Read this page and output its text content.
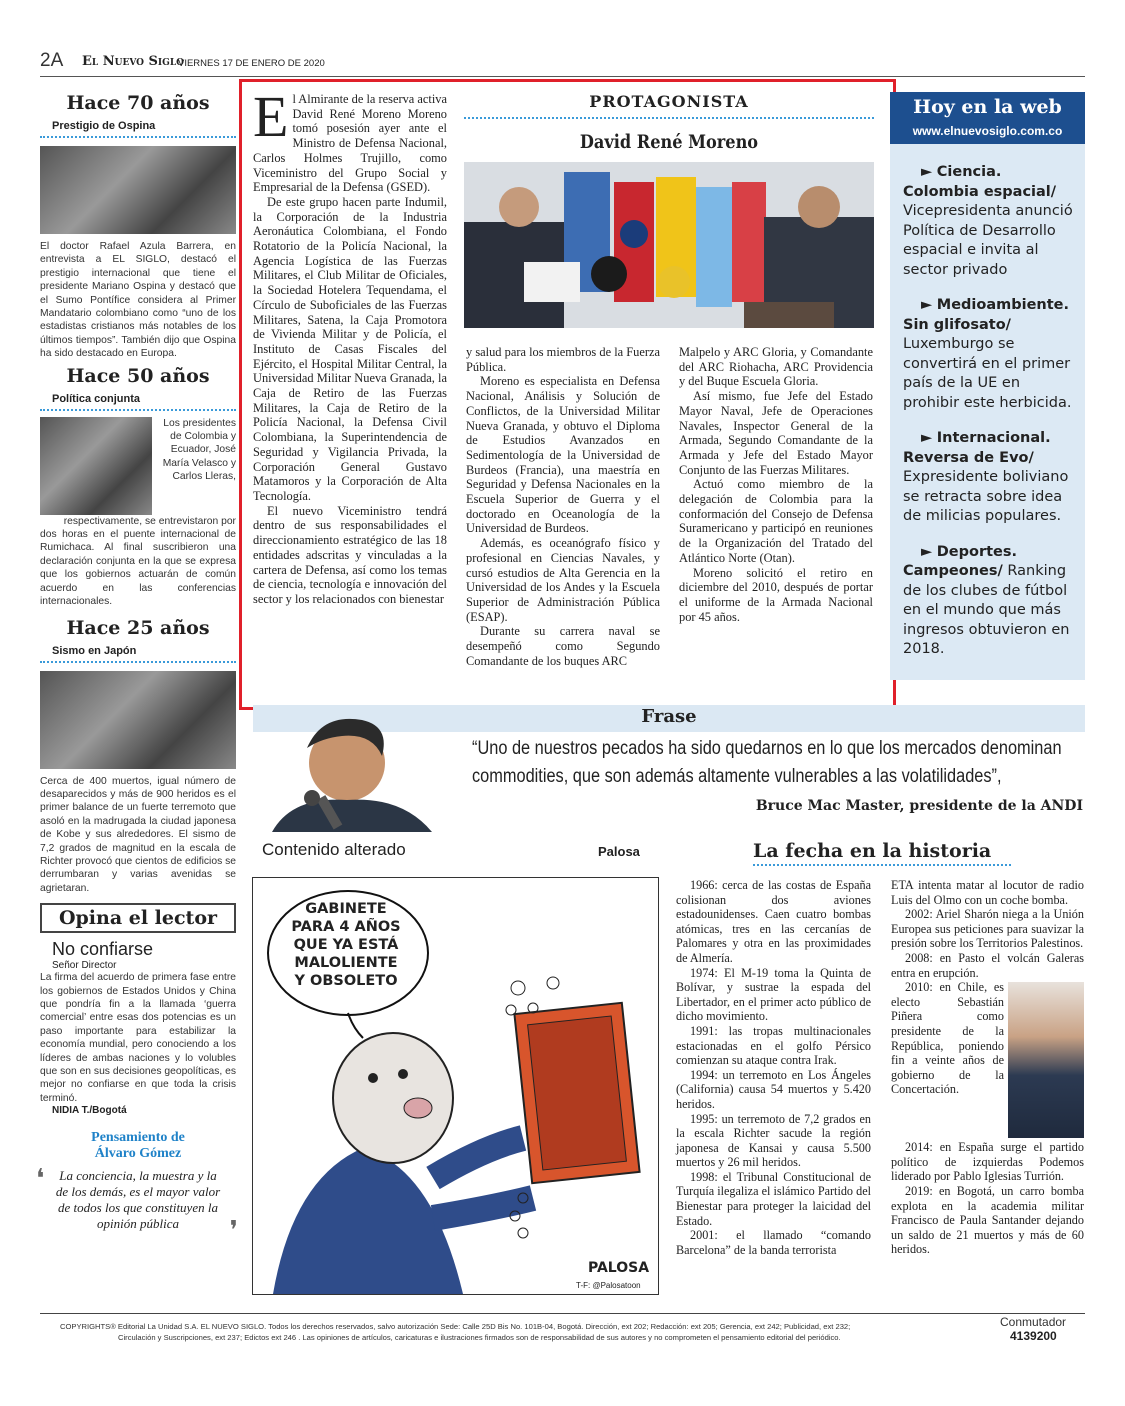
2A El Nuevo Siglo
VIERNES 17 DE ENERO DE 2020
Hace 70 años
Prestigio de Ospina
El doctor Rafael Azula Barrera, en entrevista a EL SIGLO, destacó el prestigio internacional que tiene el presidente Mariano Ospina y destacó que el Sumo Pontífice considera al Primer Mandatario colombiano como “uno de los estadistas cristianos más notables de los últimos tiempos”. También dijo que Ospina ha sido destacado en Europa.
Hace 50 años
Política conjunta
Los presidentes de Colombia y Ecuador, José María Velasco y Carlos Lleras, respectivamente, se entrevistaron por
dos horas en el puente internacional de Rumichaca. Al final suscribieron una declaración conjunta en la que se expresa que los gobiernos actuarán de común acuerdo en las conferencias internacionales.
Hace 25 años
Sismo en Japón
Cerca de 400 muertos, igual número de desaparecidos y más de 900 heridos es el primer balance de un fuerte terremoto que asoló en la madrugada la ciudad japonesa de Kobe y sus alrededores. El sismo de 7,2 grados de magnitud en la escala de Richter provocó que cientos de edificios se derrumbaran y varias avenidas se agrietaran.
Opina el lector
No confiarse
Señor Director
La firma del acuerdo de primera fase entre los gobiernos de Estados Unidos y China que pondría fin a la llamada ‘guerra comercial’ entre esas dos potencias es un paso importante para estabilizar la economía mundial, pero conociendo a los líderes de ambas naciones y lo volubles que son en sus decisiones geopolíticas, es mejor no confiarse en que toda la crisis terminó.
NIDIA T./Bogotá
Pensamiento de
Álvaro Gómez
❛	La conciencia, la muestra y la de los demás, es el mayor valor de todos los que constituyen la opinión pública	❜
E l Almirante de la reserva activa David René Moreno Moreno tomó posesión ayer ante el Ministro de Defensa Nacional, Carlos Holmes Trujillo, como Viceministro del Grupo Social y Empresarial de la Defensa (GSED).

De este grupo hacen parte Indumil, la Corporación de la Industria Aeronáutica Colombiana, el Fondo Rotatorio de la Policía Nacional, la Agencia Logística de las Fuerzas Militares, el Club Militar de Oficiales, la Sociedad Hotelera Tequendama, el Círculo de Suboficiales de las Fuerzas Militares, Satena, la Caja Promotora de Vivienda Militar y de Policía, el Instituto de Casas Fiscales del Ejército, el Hospital Militar Central, la Universidad Militar Nueva Granada, la Caja de Retiro de las Fuerzas Militares, la Caja de Retiro de la Policía Nacional, la Defensa Civil Colombiana, la Superintendencia de Seguridad y Vigilancia Privada, la Corporación General Gustavo Matamoros y la Corporación de Alta Tecnología.

El nuevo Viceministro tendrá dentro de sus responsabilidades el direccionamiento estratégico de las 18 entidades adscritas y vinculadas a la cartera de Defensa, así como los temas de ciencia, tecnología e innovación del sector y los relacionados con bienestar

PROTAGONISTA
David René Moreno

y salud para los miembros de la Fuerza Pública.

Moreno es especialista en Defensa Nacional, Análisis y Solución de Conflictos, de la Universidad Militar Nueva Granada, y obtuvo el Diploma de Estudios Avanzados en Sedimentología de la Universidad de Burdeos (Francia), una maestría en Seguridad y Defensa Nacionales en la Escuela Superior de Guerra y el doctorado en Oceanología de la Universidad de Burdeos.

Además, es oceanógrafo físico y profesional en Ciencias Navales, y cursó estudios de Alta Gerencia en la Universidad de los Andes y la Escuela Superior de Administración Pública (ESAP).

Durante su carrera naval se desempeñó como Segundo Comandante de los buques ARC

Malpelo y ARC Gloria, y Comandante del ARC Riohacha, ARC Providencia y del Buque Escuela Gloria.

Así mismo, fue Jefe del Estado Mayor Naval, Jefe de Operaciones Navales, Inspector General de la Armada, Segundo Comandante de la Armada y Jefe del Estado Mayor Conjunto de las Fuerzas Militares.

Actuó como miembro de la delegación de Colombia para la conformación del Consejo de Defensa Suramericano y participó en reuniones de la Organización del Tratado del Atlántico Norte (Otan).

Moreno solicitó el retiro en diciembre del 2010, después de portar el uniforme de la Armada Nacional por 45 años.

Hoy en la web
www.elnuevosiglo.com.co
► Ciencia. Colombia espacial/ Vicepresidenta anunció Política de Desarrollo espacial e invita al sector privado
► Medioambiente. Sin glifosato/ Luxemburgo se convertirá en el primer país de la UE en prohibir este herbicida.
► Internacional. Reversa de Evo/ Expresidente boliviano se retracta sobre idea de milicias populares.
► Deportes. Campeones/ Ranking de los clubes de fútbol en el mundo que más ingresos obtuvieron en 2018.
Frase
“Uno de nuestros pecados ha sido quedarnos en lo que los mercados denominan
commodities, que son además altamente vulnerables a las volatilidades”,
Bruce Mac Master, presidente de la ANDI
Contenido alterado	Palosa
GABINETE
PARA 4 AÑOS
QUE YA ESTÁ
MALOLIENTE
Y OBSOLETO
PALOSA
T-F: @Palosatoon
La fecha en la historia

1966: cerca de las costas de España colisionan dos aviones estadounidenses. Caen cuatro bombas atómicas, tres en las cercanías de Palomares y otra en las proximidades de Almería.

1974: El M-19 toma la Quinta de Bolívar, y sustrae la espada del Libertador, en el primer acto público de dicho movimiento.

1991: las tropas multinacionales estacionadas en el golfo Pérsico comienzan su ataque contra Irak.

1994: un terremoto en Los Ángeles (California) causa 54 muertos y 5.420 heridos.

1995: un terremoto de 7,2 grados en la escala Richter sacude la región japonesa de Kansai y causa 5.500 muertos y 26 mil heridos.

1998: el Tribunal Constitucional de Turquía ilegaliza el islámico Partido del Bienestar para proteger la laicidad del Estado.

2001: el llamado “comando Barcelona” de la banda terrorista

ETA intenta matar al locutor de radio Luis del Olmo con un coche bomba.

2002: Ariel Sharón niega a la Unión Europea sus peticiones para suavizar la presión sobre los Territorios Palestinos.

2008: en Pasto el volcán Galeras entra en erupción.

2010: en Chile, es electo Sebastián Piñera como presidente de la República, poniendo fin a veinte años de gobierno de la Concertación.

2014: en España surge el partido político de izquierdas Podemos liderado por Pablo Iglesias Turrión.

2019: en Bogotá, un carro bomba explota en la academia militar Francisco de Paula Santander dejando un saldo de 21 muertos y más de 60 heridos.

COPYRIGHTS® Editorial La Unidad S.A. EL NUEVO SIGLO. Todos los derechos reservados, salvo autorización Sede: Calle 25D Bis No. 101B-04, Bogotá. Dirección, ext 202; Redacción: ext 205; Gerencia, ext 242; Publicidad, ext 232;
Circulación y Suscripciones, ext 237; Edictos ext 246 . Las opiniones de artículos, caricaturas e ilustraciones firmados son de responsabilidad de sus autores y no comprometen el pensamiento editorial del periódico.
Conmutador
4139200
